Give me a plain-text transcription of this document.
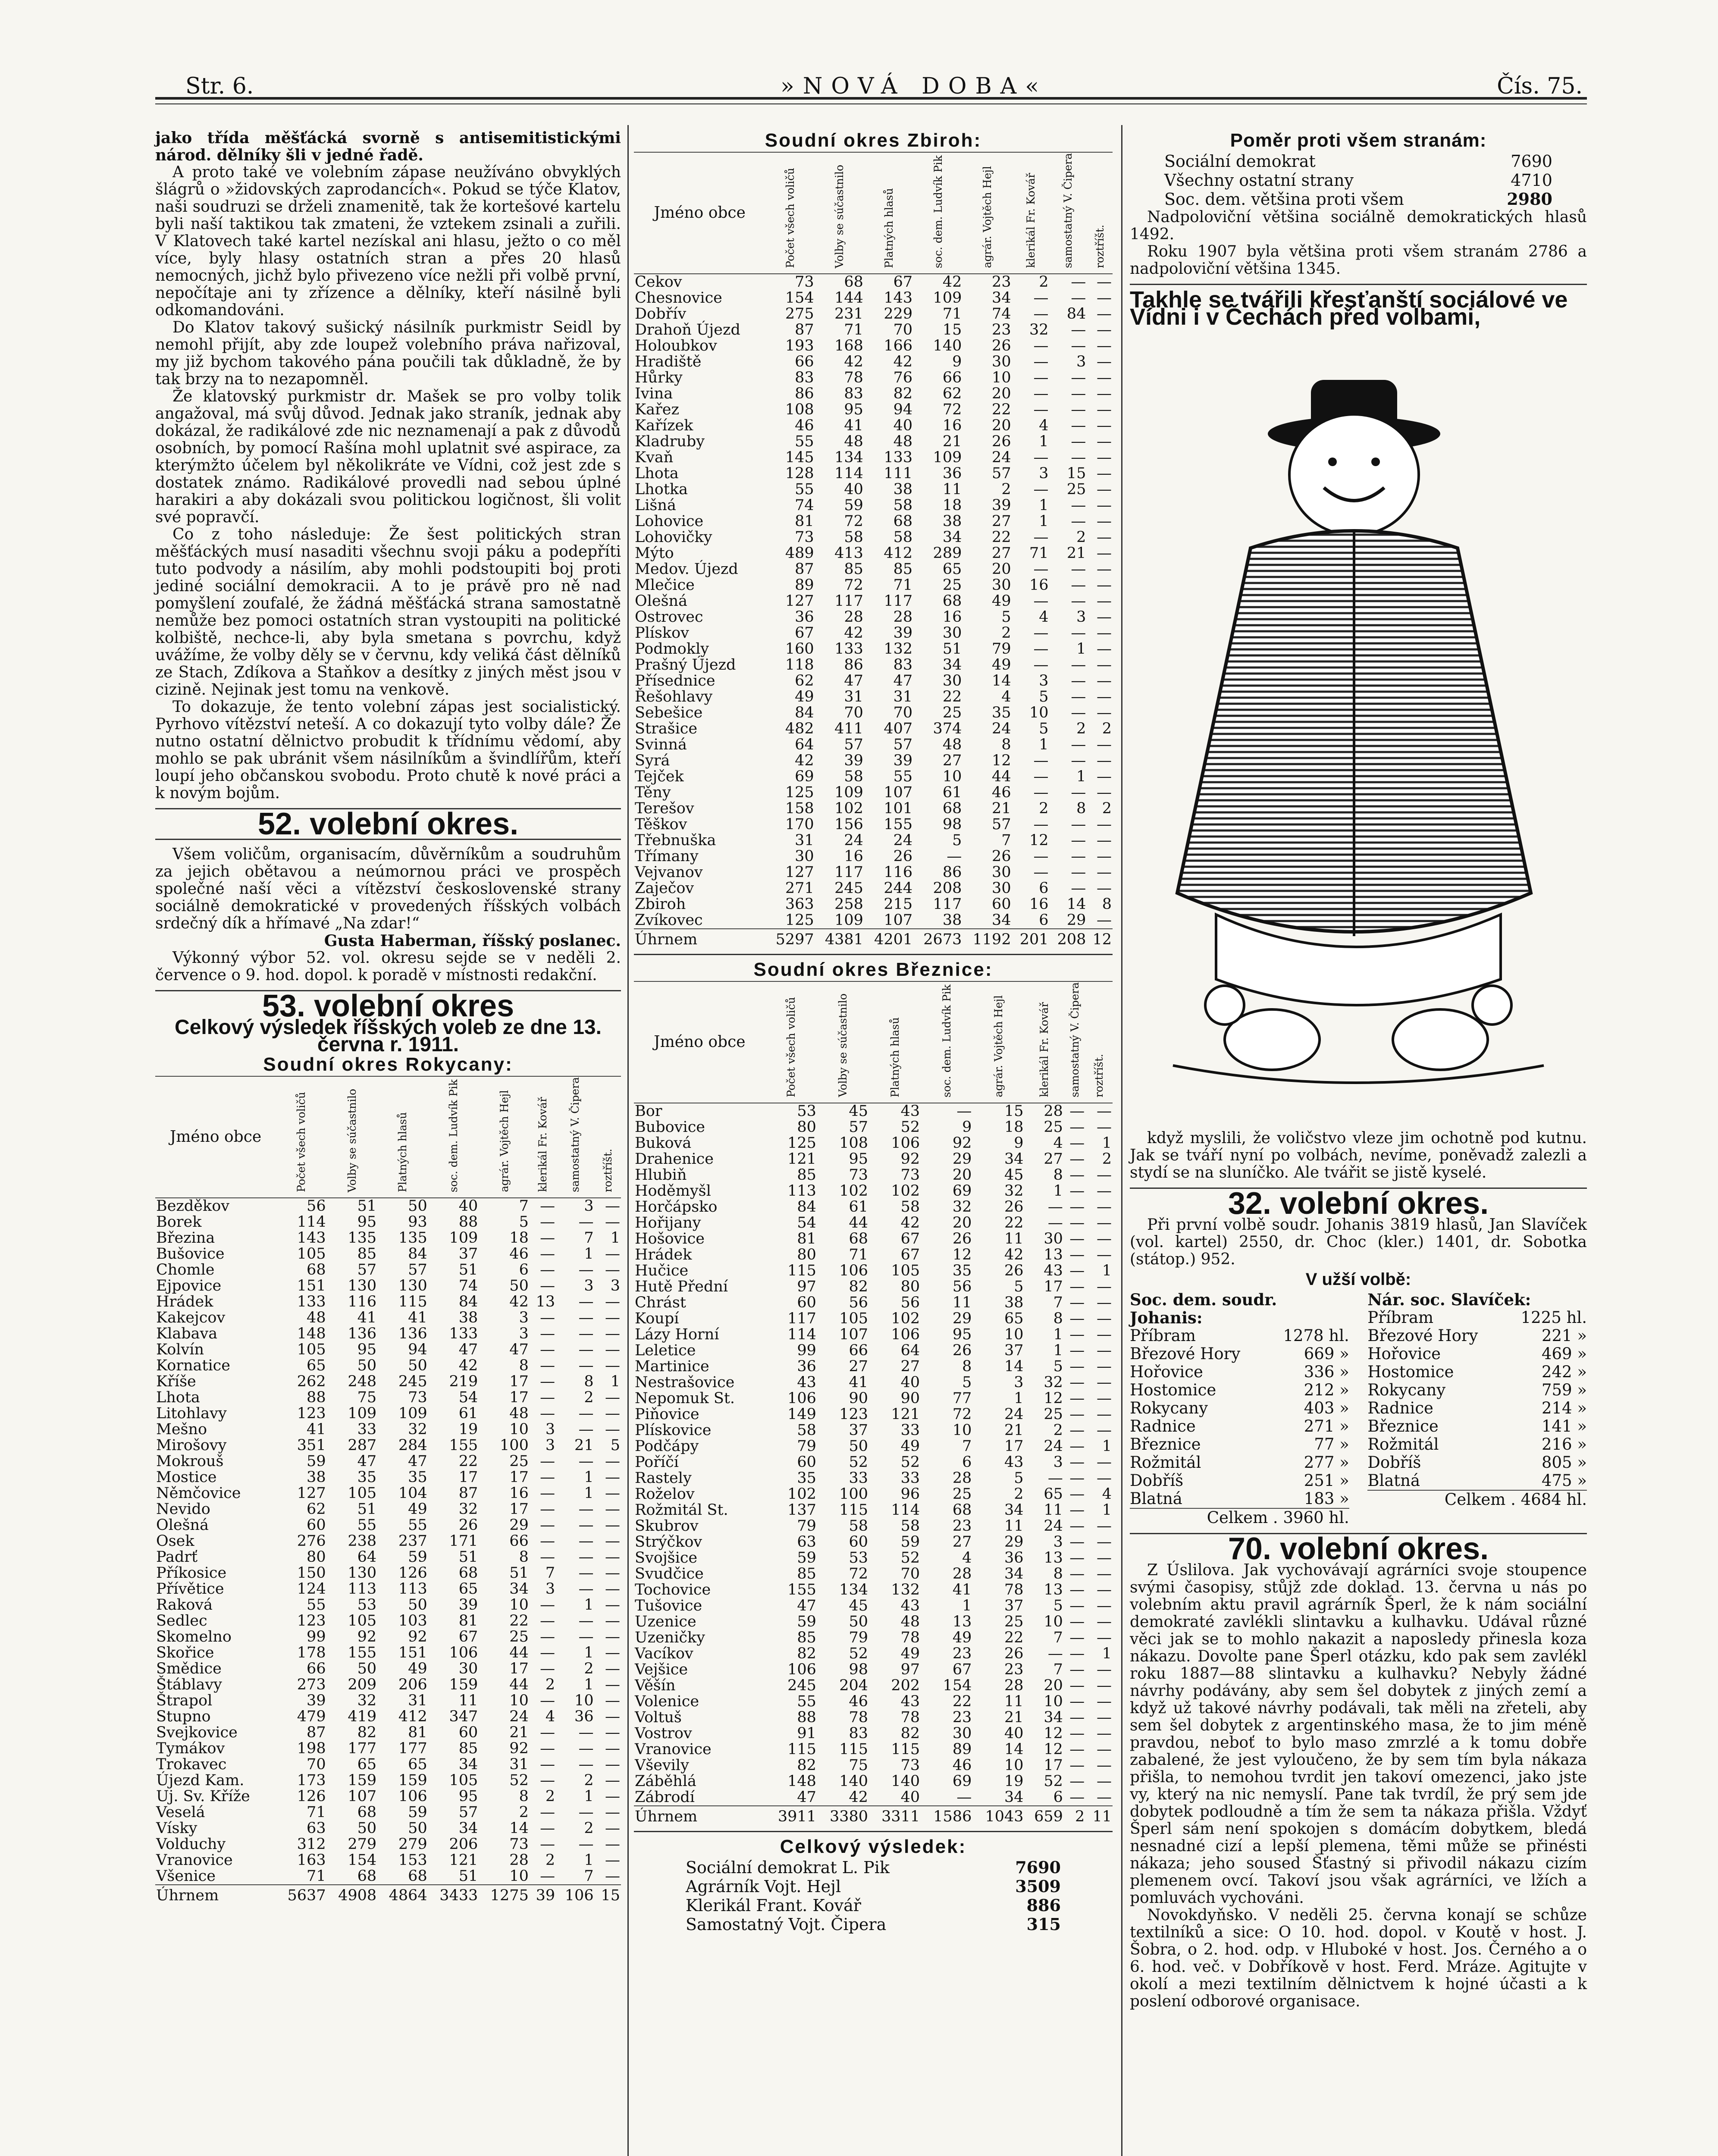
Str. 6.	»NOVÁ DOBA«	Čís. 75.

jako třída měšťácká svorně s antisemitistickými národ. dělníky šli v jedné řadě.

A proto také ve volebním zápase neužíváno obvyklých šlágrů o »židovských zaprodancích«. Pokud se týče Klatov, naši soudruzi se drželi znamenitě, tak že kortešové kartelu byli naší taktikou tak zmateni, že vztekem zsinali a zuřili. V Klatovech také kartel nezískal ani hlasu, ježto o co měl více, byly hlasy ostatních stran a přes 20 hlasů nemocných, jichž bylo přivezeno více nežli při volbě první, nepočítaje ani ty zřízence a dělníky, kteří násilně byli odkomandováni.

Do Klatov takový sušický násilník purkmistr Seidl by nemohl přijít, aby zde loupež volebního práva nařizoval, my již bychom takového pána poučili tak důkladně, že by tak brzy na to nezapomněl.

Že klatovský purkmistr dr. Mašek se pro volby tolik angažoval, má svůj důvod. Jednak jako straník, jednak aby dokázal, že radikálové zde nic neznamenají a pak z důvodů osobních, by pomocí Rašína mohl uplatnit své aspirace, za kterýmžto účelem byl několikráte ve Vídni, což jest zde s dostatek známo. Radikálové provedli nad sebou úplné harakiri a aby dokázali svou politickou logičnost, šli volit své popravčí.

Co z toho následuje: Že šest politických stran měšťáckých musí nasaditi všechnu svoji páku a podepříti tuto podvody a násilím, aby mohli podstoupiti boj proti jediné sociální demokracii. A to je právě pro ně nad pomyšlení zoufalé, že žádná měšťácká strana samostatně nemůže bez pomoci ostatních stran vystoupiti na politické kolbiště, nechce-li, aby byla smetana s povrchu, když uvážíme, že volby děly se v červnu, kdy veliká část dělníků ze Stach, Zdíkova a Staňkov a desítky z jiných měst jsou v cizině. Nejinak jest tomu na venkově.

To dokazuje, že tento volební zápas jest socialistický. Pyrhovo vítězství neteší. A co dokazují tyto volby dále? Že nutno ostatní dělnictvo probudit k třídnímu vědomí, aby mohlo se pak ubránit všem násilníkům a švindlířům, kteří loupí jeho občanskou svobodu. Proto chutě k nové práci a k novým bojům.

52. volební okres.

Všem voličům, organisacím, důvěrníkům a soudruhům za jejich obětavou a neúmornou práci ve prospěch společné naší věci a vítězství československé strany sociálně demokratické v provedených říšských volbách srdečný dík a hřímavé „Na zdar!“

Gusta Haberman, říšský poslanec.

Výkonný výbor 52. vol. okresu sejde se v neděli 2. července o 9. hod. dopol. k poradě v místnosti redakční.

53. volební okres
Celkový výsledek říšských voleb ze dne 13. června r. 1911.
Soudní okres Rokycany:
Jméno obce	Počet všech voličů	Volby se súčastnilo	Platných hlasů	soc. dem. Ludvík Pik	agrár. Vojtěch Hejl	klerikál Fr. Kovář	samostatný V. Čipera	roztříšt.
Bezděkov	56	51	50	40	7	—	3	—
Borek	114	95	93	88	5	—	—	—
Březina	143	135	135	109	18	—	7	1
Bušovice	105	85	84	37	46	—	1	—
Chomle	68	57	57	51	6	—	—	—
Ejpovice	151	130	130	74	50	—	3	3
Hrádek	133	116	115	84	42	13	—	—
Kakejcov	48	41	41	38	3	—	—	—
Klabava	148	136	136	133	3	—	—	—
Kolvín	105	95	94	47	47	—	—	—
Kornatice	65	50	50	42	8	—	—	—
Kříše	262	248	245	219	17	—	8	1
Lhota	88	75	73	54	17	—	2	—
Litohlavy	123	109	109	61	48	—	—	—
Mešno	41	33	32	19	10	3	—	—
Mirošovy	351	287	284	155	100	3	21	5
Mokrouš	59	47	47	22	25	—	—	—
Mostice	38	35	35	17	17	—	1	—
Němčovice	127	105	104	87	16	—	1	—
Nevido	62	51	49	32	17	—	—	—
Olešná	60	55	55	26	29	—	—	—
Osek	276	238	237	171	66	—	—	—
Padrť	80	64	59	51	8	—	—	—
Příkosice	150	130	126	68	51	7	—	—
Přívětice	124	113	113	65	34	3	—	—
Raková	55	53	50	39	10	—	1	—
Sedlec	123	105	103	81	22	—	—	—
Skomelno	99	92	92	67	25	—	—	—
Skořice	178	155	151	106	44	—	1	—
Smědice	66	50	49	30	17	—	2	—
Štáblavy	273	209	206	159	44	2	1	—
Štrapol	39	32	31	11	10	—	10	—
Stupno	479	419	412	347	24	4	36	—
Svejkovice	87	82	81	60	21	—	—	—
Tymákov	198	177	177	85	92	—	—	—
Trokavec	70	65	65	34	31	—	—	—
Újezd Kam.	173	159	159	105	52	—	2	—
Uj. Sv. Kříže	126	107	106	95	8	2	1	—
Veselá	71	68	59	57	2	—	—	—
Vísky	63	50	50	34	14	—	2	—
Volduchy	312	279	279	206	73	—	—	—
Vranovice	163	154	153	121	28	2	1	—
Všenice	71	68	68	51	10	—	7	—
Úhrnem	5637	4908	4864	3433	1275	39	106	15
Soudní okres Zbiroh:
Jméno obce	Počet všech voličů	Volby se súčastnilo	Platných hlasů	soc. dem. Ludvík Pik	agrár. Vojtěch Hejl	klerikál Fr. Kovář	samostatný V. Čipera	roztříšt.
Cekov	73	68	67	42	23	2	—	—
Chesnovice	154	144	143	109	34	—	—	—
Dobřív	275	231	229	71	74	—	84	—
Drahoň Újezd	87	71	70	15	23	32	—	—
Holoubkov	193	168	166	140	26	—	—	—
Hradiště	66	42	42	9	30	—	3	—
Hůrky	83	78	76	66	10	—	—	—
Ivina	86	83	82	62	20	—	—	—
Kařez	108	95	94	72	22	—	—	—
Kařízek	46	41	40	16	20	4	—	—
Kladruby	55	48	48	21	26	1	—	—
Kvaň	145	134	133	109	24	—	—	—
Lhota	128	114	111	36	57	3	15	—
Lhotka	55	40	38	11	2	—	25	—
Lišná	74	59	58	18	39	1	—	—
Lohovice	81	72	68	38	27	1	—	—
Lohovičky	73	58	58	34	22	—	2	—
Mýto	489	413	412	289	27	71	21	—
Medov. Újezd	87	85	85	65	20	—	—	—
Mlečice	89	72	71	25	30	16	—	—
Olešná	127	117	117	68	49	—	—	—
Ostrovec	36	28	28	16	5	4	3	—
Plískov	67	42	39	30	2	—	—	—
Podmokly	160	133	132	51	79	—	1	—
Prašný Újezd	118	86	83	34	49	—	—	—
Přísednice	62	47	47	30	14	3	—	—
Řešohlavy	49	31	31	22	4	5	—	—
Sebešice	84	70	70	25	35	10	—	—
Strašice	482	411	407	374	24	5	2	2
Svinná	64	57	57	48	8	1	—	—
Syrá	42	39	39	27	12	—	—	—
Tejček	69	58	55	10	44	—	1	—
Těny	125	109	107	61	46	—	—	—
Terešov	158	102	101	68	21	2	8	2
Těškov	170	156	155	98	57	—	—	—
Třebnuška	31	24	24	5	7	12	—	—
Třímany	30	16	26	—	26	—	—	—
Vejvanov	127	117	116	86	30	—	—	—
Zaječov	271	245	244	208	30	6	—	—
Zbiroh	363	258	215	117	60	16	14	8
Zvíkovec	125	109	107	38	34	6	29	—
Úhrnem	5297	4381	4201	2673	1192	201	208	12
Soudní okres Březnice:
Jméno obce	Počet všech voličů	Volby se súčastnilo	Platných hlasů	soc. dem. Ludvík Pik	agrár. Vojtěch Hejl	klerikál Fr. Kovář	samostatný V. Čipera	roztříšt.
Bor	53	45	43	—	15	28	—	—
Bubovice	80	57	52	9	18	25	—	—
Buková	125	108	106	92	9	4	—	1
Drahenice	121	95	92	29	34	27	—	2
Hlubiň	85	73	73	20	45	8	—	—
Hoděmyšl	113	102	102	69	32	1	—	—
Horčápsko	84	61	58	32	26	—	—	—
Hořijany	54	44	42	20	22	—	—	—
Hošovice	81	68	67	26	11	30	—	—
Hrádek	80	71	67	12	42	13	—	—
Hučice	115	106	105	35	26	43	—	1
Hutě Přední	97	82	80	56	5	17	—	—
Chrást	60	56	56	11	38	7	—	—
Koupí	117	105	102	29	65	8	—	—
Lázy Horní	114	107	106	95	10	1	—	—
Leletice	99	66	64	26	37	1	—	—
Martinice	36	27	27	8	14	5	—	—
Nestrašovice	43	41	40	5	3	32	—	—
Nepomuk St.	106	90	90	77	1	12	—	—
Piňovice	149	123	121	72	24	25	—	—
Plískovice	58	37	33	10	21	2	—	—
Podčápy	79	50	49	7	17	24	—	1
Poříčí	60	52	52	6	43	3	—	—
Rastely	35	33	33	28	5	—	—	—
Roželov	102	100	96	25	2	65	—	4
Rožmitál St.	137	115	114	68	34	11	—	1
Skubrov	79	58	58	23	11	24	—	—
Strýčkov	63	60	59	27	29	3	—	—
Svojšice	59	53	52	4	36	13	—	—
Svudčice	85	72	70	28	34	8	—	—
Tochovice	155	134	132	41	78	13	—	—
Tušovice	47	45	43	1	37	5	—	—
Uzenice	59	50	48	13	25	10	—	—
Uzeničky	85	79	78	49	22	7	—	—
Vacíkov	82	52	49	23	26	—	—	1
Vejšice	106	98	97	67	23	7	—	—
Věšín	245	204	202	154	28	20	—	—
Volenice	55	46	43	22	11	10	—	—
Voltuš	88	78	78	23	21	34	—	—
Vostrov	91	83	82	30	40	12	—	—
Vranovice	115	115	115	89	14	12	—	—
Vševily	82	75	73	46	10	17	—	—
Záběhlá	148	140	140	69	19	52	—	—
Zábrodí	47	42	40	—	34	6	—	—
Úhrnem	3911	3380	3311	1586	1043	659	2	11
Celkový výsledek:
Sociální demokrat L. Pik	7690
Agrárník Vojt. Hejl	3509
Klerikál Frant. Kovář	886
Samostatný Vojt. Čipera	315
Poměr proti všem stranám:
Sociální demokrat	7690
Všechny ostatní strany	4710
Soc. dem. většina proti všem	2980

Nadpoloviční většina sociálně demokratických hlasů 1492.

Roku 1907 byla většina proti všem stranám 2786 a nadpoloviční většina 1345.

Takhle se tvářili křesťanští sociálové ve Vídni i v Čechách před volbami,

když myslili, že voličstvo vleze jim ochotně pod kutnu. Jak se tváří nyní po volbách, nevíme, poněvadž zalezli a stydí se na sluníčko. Ale tvářit se jistě kyselé.

32. volební okres.

Při první volbě soudr. Johanis 3819 hlasů, Jan Slavíček (vol. kartel) 2550, dr. Choc (kler.) 1401, dr. Sobotka (státop.) 952.

V užší volbě:
Soc. dem. soudr. Johanis:
Příbram	1278 hl.
Březové Hory	669 »
Hořovice	336 »
Hostomice	212 »
Rokycany	403 »
Radnice	271 »
Březnice	77 »
Rožmitál	277 »
Dobříš	251 »
Blatná	183 »
Celkem . 3960 hl.
Nár. soc. Slavíček:
Příbram	1225 hl.
Březové Hory	221 »
Hořovice	469 »
Hostomice	242 »
Rokycany	759 »
Radnice	214 »
Březnice	141 »
Rožmitál	216 »
Dobříš	805 »
Blatná	475 »
Celkem . 4684 hl.
70. volební okres.

Z Úslilova. Jak vychovávají agrárníci svoje stoupence svými časopisy, stůjž zde doklad. 13. června u nás po volebním aktu pravil agrárník Šperl, že k nám sociální demokraté zavlékli slintavku a kulhavku. Udával různé věci jak se to mohlo nakazit a naposledy přinesla koza nákazu. Dovolte pane Šperl otázku, kdo pak sem zavlékl roku 1887—88 slintavku a kulhavku? Nebyly žádné návrhy podávány, aby sem šel dobytek z jiných zemí a když už takové návrhy podávali, tak měli na zřeteli, aby sem šel dobytek z argentinského masa, že to jim méně pravdou, neboť to bylo maso zmrzlé a k tomu dobře zabalené, že jest vyloučeno, že by sem tím byla nákaza přišla, to nemohou tvrdit jen takoví omezenci, jako jste vy, který na nic nemyslí. Pane tak tvrdíl, že prý sem jde dobytek podloudně a tím že sem ta nákaza přišla. Vždyť Šperl sám není spokojen s domácím dobytkem, bledá nesnadné cizí a lepší plemena, těmi může se přinésti nákaza; jeho soused Šťastný si přivodil nákazu cizím plemenem ovcí. Takoví jsou však agrárníci, ve lžích a pomluvách vychováni.

Novokdyňsko. V neděli 25. června konají se schůze textilníků a sice: O 10. hod. dopol. v Koutě v host. J. Šobra, o 2. hod. odp. v Hluboké v host. Jos. Černého a o 6. hod. več. v Dobříkově v host. Ferd. Mráze. Agitujte v okolí a mezi textilním dělnictvem k hojné účasti a k poslení odborové organisace.
